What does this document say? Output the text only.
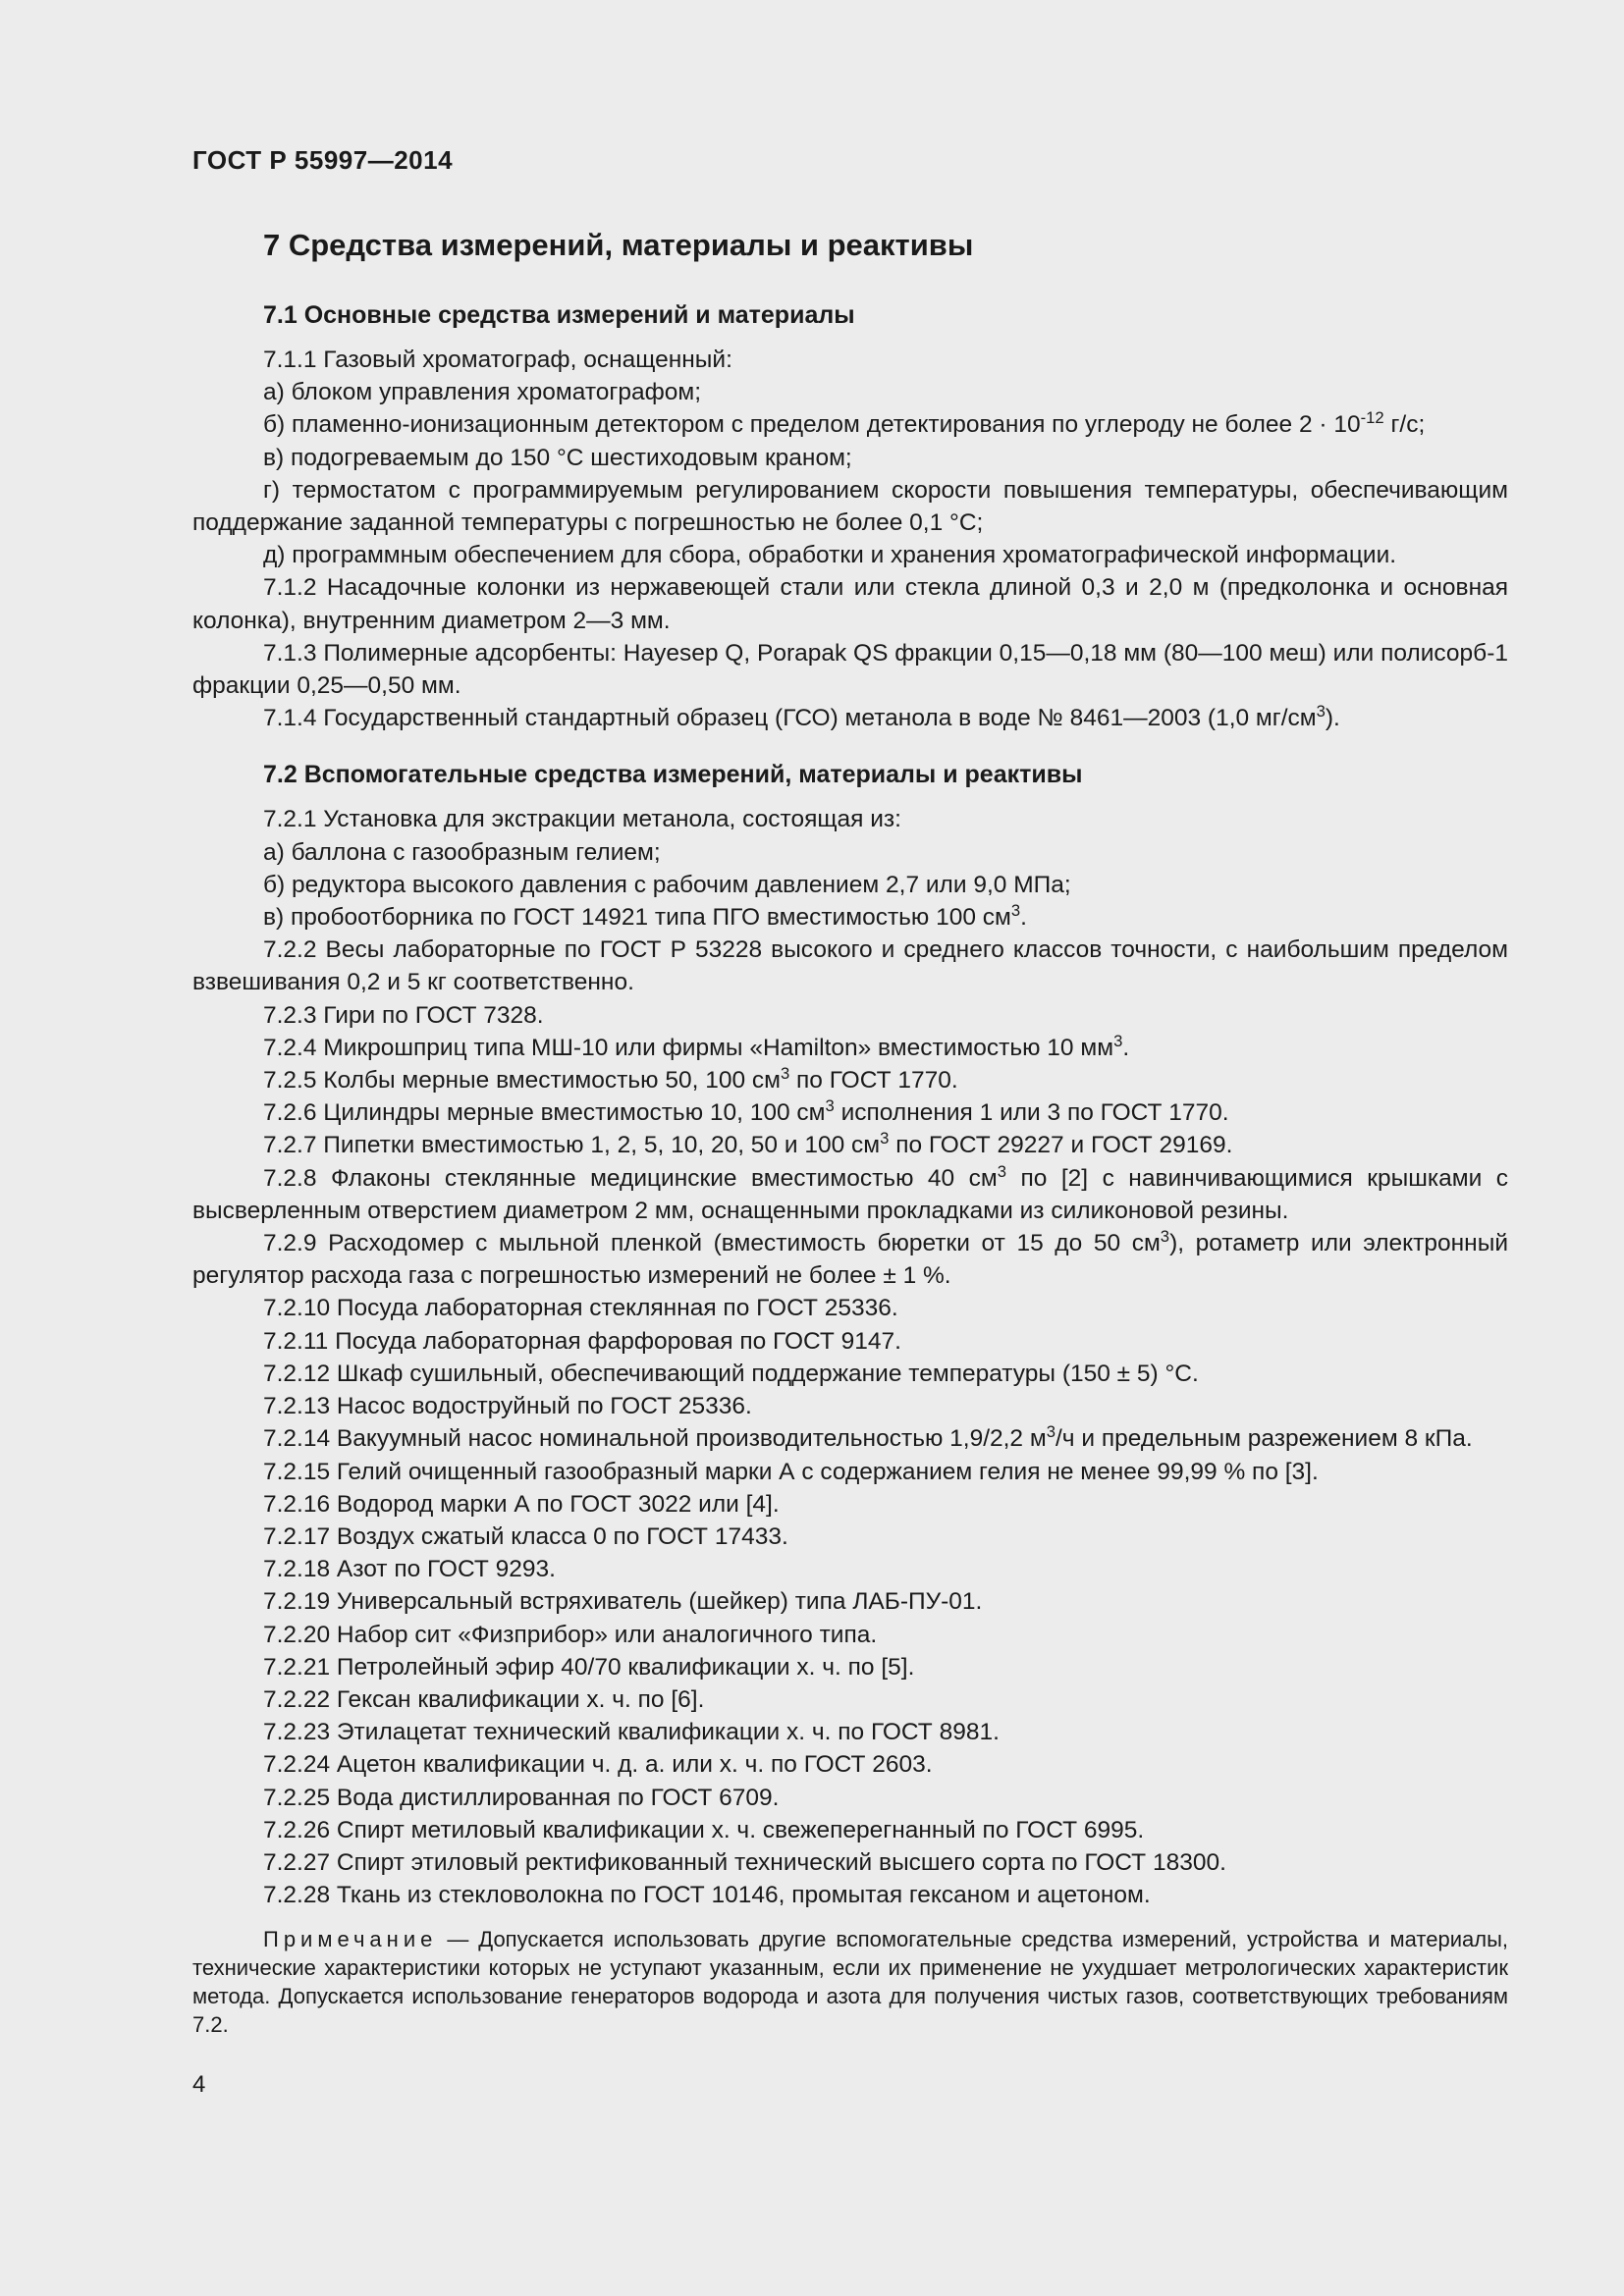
ГОСТ Р 55997—2014
7 Средства измерений, материалы и реактивы
7.1 Основные средства измерений и материалы
7.1.1 Газовый хроматограф, оснащенный:
а) блоком управления хроматографом;
б) пламенно-ионизационным детектором с пределом детектирования по углероду не более $2 \cdot 10^{-12}$ г/с;
в) подогреваемым до 150 °С шестиходовым краном;
г) термостатом с программируемым регулированием скорости повышения температуры, обеспечивающим поддержание заданной температуры с погрешностью не более 0,1 °С;
д) программным обеспечением для сбора, обработки и хранения хроматографической информации.
7.1.2 Насадочные колонки из нержавеющей стали или стекла длиной 0,3 и 2,0 м (предколонка и основная колонка), внутренним диаметром 2—3 мм.
7.1.3 Полимерные адсорбенты: Hayesep Q, Porapak QS фракции 0,15—0,18 мм (80—100 меш) или полисорб-1 фракции 0,25—0,50 мм.
7.1.4 Государственный стандартный образец (ГСО) метанола в воде № 8461—2003 (1,0 $мг/см^3$).
7.2 Вспомогательные средства измерений, материалы и реактивы
7.2.1 Установка для экстракции метанола, состоящая из:
а) баллона с газообразным гелием;
б) редуктора высокого давления с рабочим давлением 2,7 или 9,0 МПа;
в) пробоотборника по ГОСТ 14921 типа ПГО вместимостью 100 $см^3$.
7.2.2 Весы лабораторные по ГОСТ Р 53228 высокого и среднего классов точности, с наибольшим пределом взвешивания 0,2 и 5 кг соответственно.
7.2.3 Гири по ГОСТ 7328.
7.2.4 Микрошприц типа МШ-10 или фирмы «Hamilton» вместимостью 10 $мм^3$.
7.2.5 Колбы мерные вместимостью 50, 100 $см^3$ по ГОСТ 1770.
7.2.6 Цилиндры мерные вместимостью 10, 100 $см^3$ исполнения 1 или 3 по ГОСТ 1770.
7.2.7 Пипетки вместимостью 1, 2, 5, 10, 20, 50 и 100 $см^3$ по ГОСТ 29227 и ГОСТ 29169.
7.2.8 Флаконы стеклянные медицинские вместимостью 40 $см^3$ по [2] с навинчивающимися крышками с высверленным отверстием диаметром 2 мм, оснащенными прокладками из силиконовой резины.
7.2.9 Расходомер с мыльной пленкой (вместимость бюретки от 15 до 50 $см^3$), ротаметр или электронный регулятор расхода газа с погрешностью измерений не более ± 1 %.
7.2.10 Посуда лабораторная стеклянная по ГОСТ 25336.
7.2.11 Посуда лабораторная фарфоровая по ГОСТ 9147.
7.2.12 Шкаф сушильный, обеспечивающий поддержание температуры (150 ± 5) °С.
7.2.13 Насос водоструйный по ГОСТ 25336.
7.2.14 Вакуумный насос номинальной производительностью 1,9/2,2 $м^3/ч$ и предельным разрежением 8 кПа.
7.2.15 Гелий очищенный газообразный марки А с содержанием гелия не менее 99,99 % по [3].
7.2.16 Водород марки А по ГОСТ 3022 или [4].
7.2.17 Воздух сжатый класса 0 по ГОСТ 17433.
7.2.18 Азот по ГОСТ 9293.
7.2.19 Универсальный встряхиватель (шейкер) типа ЛАБ-ПУ-01.
7.2.20 Набор сит «Физприбор» или аналогичного типа.
7.2.21 Петролейный эфир 40/70 квалификации х. ч. по [5].
7.2.22 Гексан квалификации х. ч. по [6].
7.2.23 Этилацетат технический квалификации х. ч. по ГОСТ 8981.
7.2.24 Ацетон квалификации ч. д. а. или х. ч. по ГОСТ 2603.
7.2.25 Вода дистиллированная по ГОСТ 6709.
7.2.26 Спирт метиловый квалификации х. ч. свежеперегнанный по ГОСТ 6995.
7.2.27 Спирт этиловый ректификованный технический высшего сорта по ГОСТ 18300.
7.2.28 Ткань из стекловолокна по ГОСТ 10146, промытая гексаном и ацетоном.
Примечание — Допускается использовать другие вспомогательные средства измерений, устройства и материалы, технические характеристики которых не уступают указанным, если их применение не ухудшает метрологических характеристик метода. Допускается использование генераторов водорода и азота для получения чистых газов, соответствующих требованиям 7.2.
4
